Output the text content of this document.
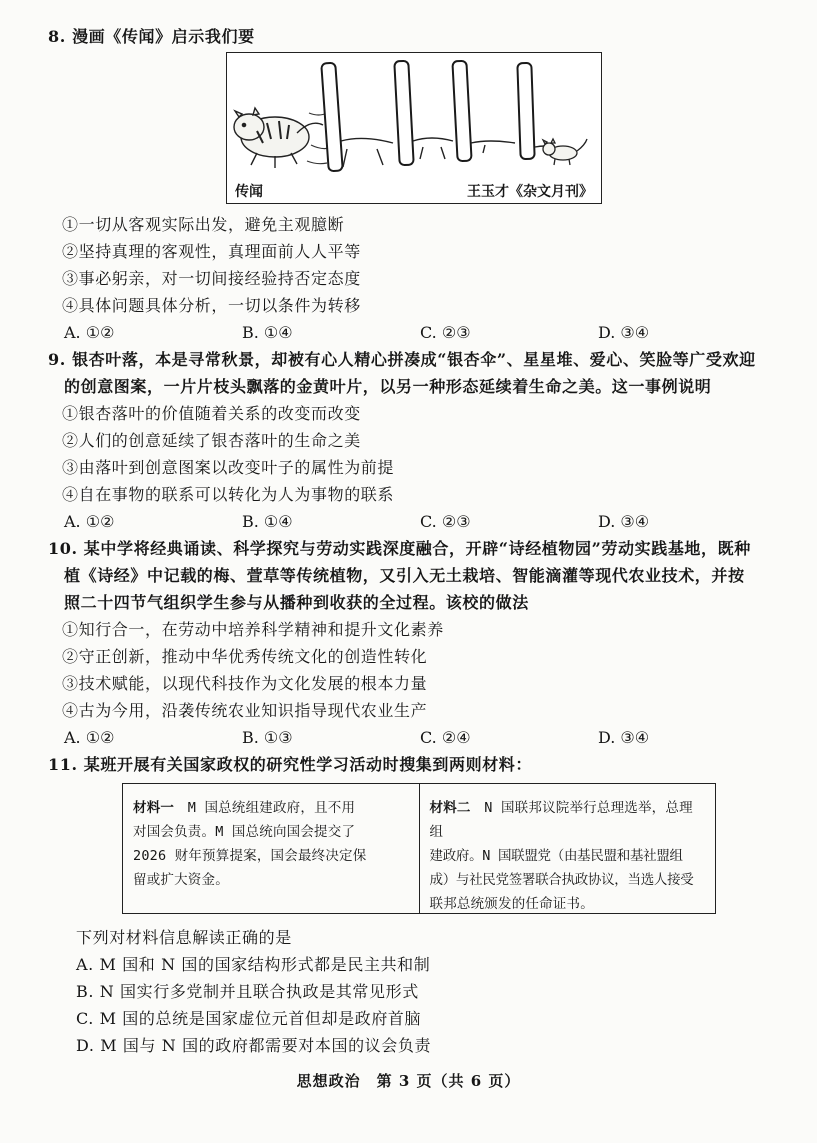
8. 漫画《传闻》启示我们要
传闻	王玉才《杂文月刊》
①一切从客观实际出发，避免主观臆断
②坚持真理的客观性，真理面前人人平等
③事必躬亲，对一切间接经验持否定态度
④具体问题具体分析，一切以条件为转移
A. ①②	B. ①④	C. ②③	D. ③④
9. 银杏叶落，本是寻常秋景，却被有心人精心拼凑成“银杏伞”、星星堆、爱心、笑脸等广受欢迎
的创意图案，一片片枝头飘落的金黄叶片，以另一种形态延续着生命之美。这一事例说明
①银杏落叶的价值随着关系的改变而改变
②人们的创意延续了银杏落叶的生命之美
③由落叶到创意图案以改变叶子的属性为前提
④自在事物的联系可以转化为人为事物的联系
A. ①②	B. ①④	C. ②③	D. ③④
10. 某中学将经典诵读、科学探究与劳动实践深度融合，开辟“诗经植物园”劳动实践基地，既种
植《诗经》中记载的梅、萱草等传统植物，又引入无土栽培、智能滴灌等现代农业技术，并按
照二十四节气组织学生参与从播种到收获的全过程。该校的做法
①知行合一，在劳动中培养科学精神和提升文化素养
②守正创新，推动中华优秀传统文化的创造性转化
③技术赋能，以现代科技作为文化发展的根本力量
④古为今用，沿袭传统农业知识指导现代农业生产
A. ①②	B. ①③	C. ②④	D. ③④
11. 某班开展有关国家政权的研究性学习活动时搜集到两则材料：
材料一　M 国总统组建政府，且不用
对国会负责。M 国总统向国会提交了
2026 财年预算提案，国会最终决定保
留或扩大资金。
材料二　N 国联邦议院举行总理选举，总理组
建政府。N 国联盟党（由基民盟和基社盟组
成）与社民党签署联合执政协议，当选人接受
联邦总统颁发的任命证书。
下列对材料信息解读正确的是
A. M 国和 N 国的国家结构形式都是民主共和制
B. N 国实行多党制并且联合执政是其常见形式
C. M 国的总统是国家虚位元首但却是政府首脑
D. M 国与 N 国的政府都需要对本国的议会负责
思想政治　第 3 页（共 6 页）
